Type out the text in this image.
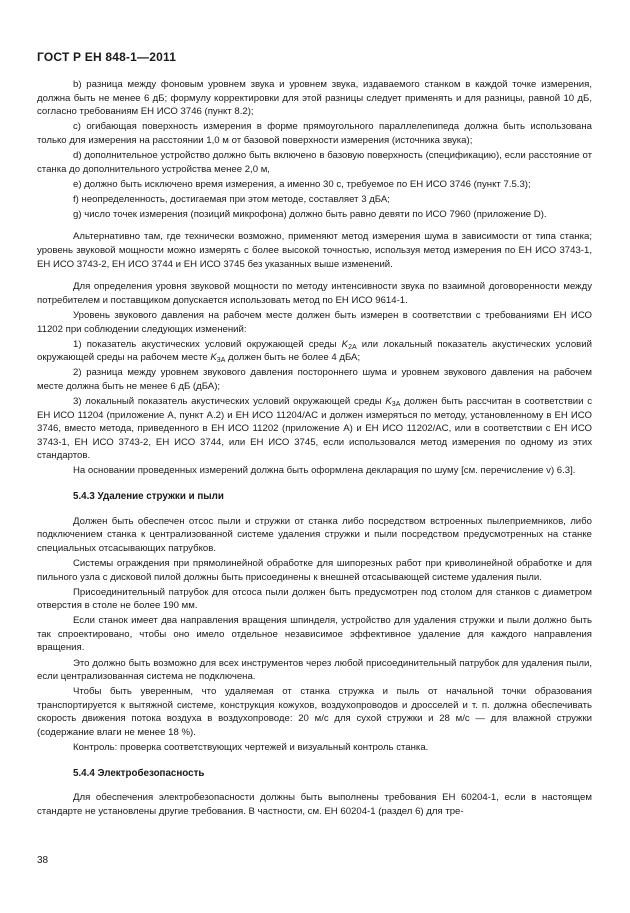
ГОСТ Р ЕН 848-1—2011

b) разница между фоновым уровнем звука и уровнем звука, издаваемого станком в каждой точке измерения, должна быть не менее 6 дБ; формулу корректировки для этой разницы следует применять и для разницы, равной 10 дБ, согласно требованиям ЕН ИСО 3746 (пункт 8.2);

c) огибающая поверхность измерения в форме прямоугольного параллелепипеда должна быть использована только для измерения на расстоянии 1,0 м от базовой поверхности измерения (источника звука);

d) дополнительное устройство должно быть включено в базовую поверхность (спецификацию), если расстояние от станка до дополнительного устройства менее 2,0 м,

e) должно быть исключено время измерения, а именно 30 с, требуемое по ЕН ИСО 3746 (пункт 7.5.3);

f) неопределенность, достигаемая при этом методе, составляет 3 дБА;

g) число точек измерения (позиций микрофона) должно быть равно девяти по ИСО 7960 (приложение D).

Альтернативно там, где технически возможно, применяют метод измерения шума в зависимости от типа станка; уровень звуковой мощности можно измерять с более высокой точностью, используя метод измерения по ЕН ИСО 3743-1, ЕН ИСО 3743-2, ЕН ИСО 3744 и ЕН ИСО 3745 без указанных выше изменений.

Для определения уровня звуковой мощности по методу интенсивности звука по взаимной договоренности между потребителем и поставщиком допускается использовать метод по ЕН ИСО 9614-1.

Уровень звукового давления на рабочем месте должен быть измерен в соответствии с требованиями ЕН ИСО 11202 при соблюдении следующих изменений:

1) показатель акустических условий окружающей среды $K_{2A}$ или локальный показатель акустических условий окружающей среды на рабочем месте $K_{3A}$ должен быть не более 4 дБА;

2) разница между уровнем звукового давления постороннего шума и уровнем звукового давления на рабочем месте должна быть не менее 6 дБ (дБА);

3) локальный показатель акустических условий окружающей среды $K_{3A}$ должен быть рассчитан в соответствии с ЕН ИСО 11204 (приложение А, пункт А.2) и ЕН ИСО 11204/AC и должен измеряться по методу, установленному в ЕН ИСО 3746, вместо метода, приведенного в ЕН ИСО 11202 (приложение А) и ЕН ИСО 11202/AC, или в соответствии с ЕН ИСО 3743-1, ЕН ИСО 3743-2, ЕН ИСО 3744, или ЕН ИСО 3745, если использовался метод измерения по одному из этих стандартов.

На основании проведенных измерений должна быть оформлена декларация по шуму [см. перечисление v) 6.3].

5.4.3 Удаление стружки и пыли

Должен быть обеспечен отсос пыли и стружки от станка либо посредством встроенных пылеприемников, либо подключением станка к централизованной системе удаления стружки и пыли посредством предусмотренных на станке специальных отсасывающих патрубков.

Системы ограждения при прямолинейной обработке для шипорезных работ при криволинейной обработке и для пильного узла с дисковой пилой должны быть присоединены к внешней отсасывающей системе удаления пыли.

Присоединительный патрубок для отсоса пыли должен быть предусмотрен под столом для станков с диаметром отверстия в столе не более 190 мм.

Если станок имеет два направления вращения шпинделя, устройство для удаления стружки и пыли должно быть так спроектировано, чтобы оно имело отдельное независимое эффективное удаление для каждого направления вращения.

Это должно быть возможно для всех инструментов через любой присоединительный патрубок для удаления пыли, если централизованная система не подключена.

Чтобы быть уверенным, что удаляемая от станка стружка и пыль от начальной точки образования транспортируется к вытяжной системе, конструкция кожухов, воздухопроводов и дросселей и т. п. должна обеспечивать скорость движения потока воздуха в воздухопроводе: 20 м/с для сухой стружки и 28 м/с — для влажной стружки (содержание влаги не менее 18 %).

Контроль: проверка соответствующих чертежей и визуальный контроль станка.

5.4.4 Электробезопасность

Для обеспечения электробезопасности должны быть выполнены требования ЕН 60204-1, если в настоящем стандарте не установлены другие требования. В частности, см. ЕН 60204-1 (раздел 6) для тре-

38
